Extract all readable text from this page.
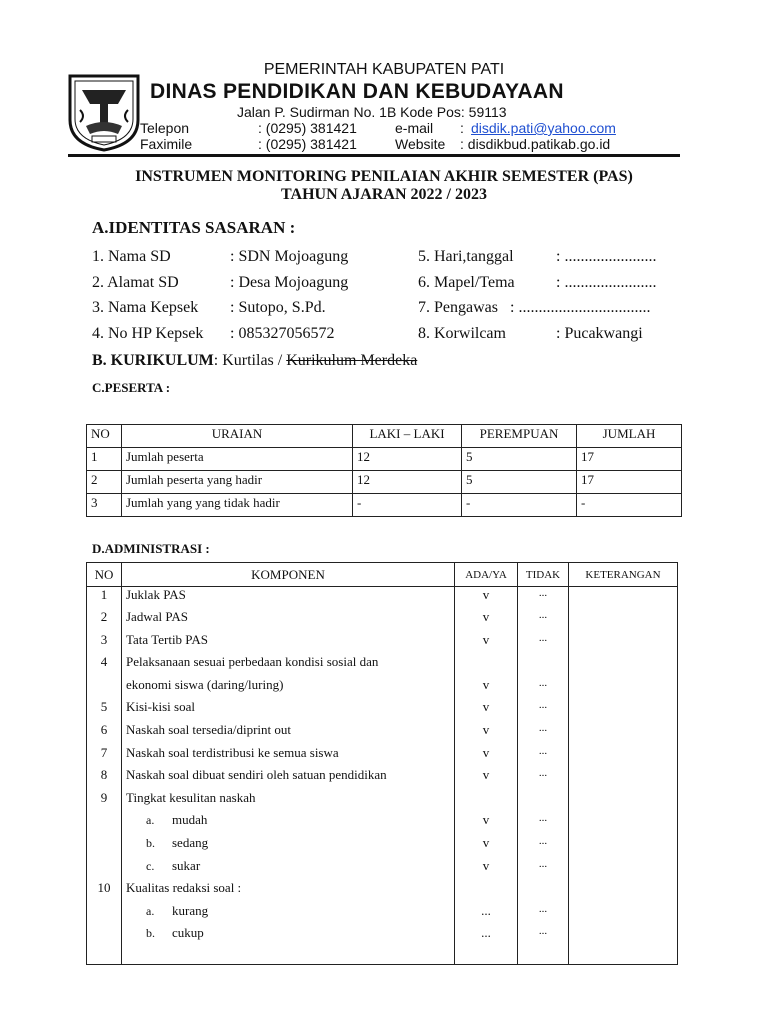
PEMERINTAH KABUPATEN PATI
DINAS PENDIDIKAN DAN KEBUDAYAAN
Jalan P. Sudirman No. 1B Kode Pos: 59113
Telepon	: (0295) 381421	e-mail : disdik.pati@yahoo.com
Faximile	: (0295) 381421	Website : disdikbud.patikab.go.id
INSTRUMEN MONITORING PENILAIAN AKHIR SEMESTER (PAS)
TAHUN AJARAN 2022 / 2023
A.IDENTITAS SASARAN :
1. Nama SD	: SDN Mojoagung	5. Hari,tanggal	: .......................
2. Alamat SD	: Desa Mojoagung	6. Mapel/Tema	: .......................
3. Nama Kepsek : Sutopo, S.Pd.	7. Pengawas : .................................
4. No HP Kepsek : 085327056572	8. Korwilcam	: Pucakwangi
B. KURIKULUM: Kurtilas / Kurikulum Merdeka
C.PESERTA :
NO	URAIAN	LAKI – LAKI	PEREMPUAN	JUMLAH
1	Jumlah peserta	12	5	17
2	Jumlah peserta yang hadir	12	5	17
3	Jumlah yang yang tidak hadir	-	-	-
D.ADMINISTRASI :
NO	KOMPONEN	ADA/YA	TIDAK	KETERANGAN
1	Juklak PAS	v	...	
2	Jadwal PAS	v	...	
3	Tata Tertib PAS	v	...	
4	Pelaksanaan sesuai perbedaan kondisi sosial dan			
	ekonomi siswa (daring/luring)	v	...	
5	Kisi-kisi soal	v	...	
6	Naskah soal tersedia/diprint out	v	...	
7	Naskah soal terdistribusi ke semua siswa	v	...	
8	Naskah soal dibuat sendiri oleh satuan pendidikan	v	...	
9	Tingkat kesulitan naskah			
	a. mudah	v	...	
	b. sedang	v	...	
	c. sukar	v	...	
10	Kualitas redaksi soal :			
	a. kurang	...	...	
	b. cukup	...	...	
